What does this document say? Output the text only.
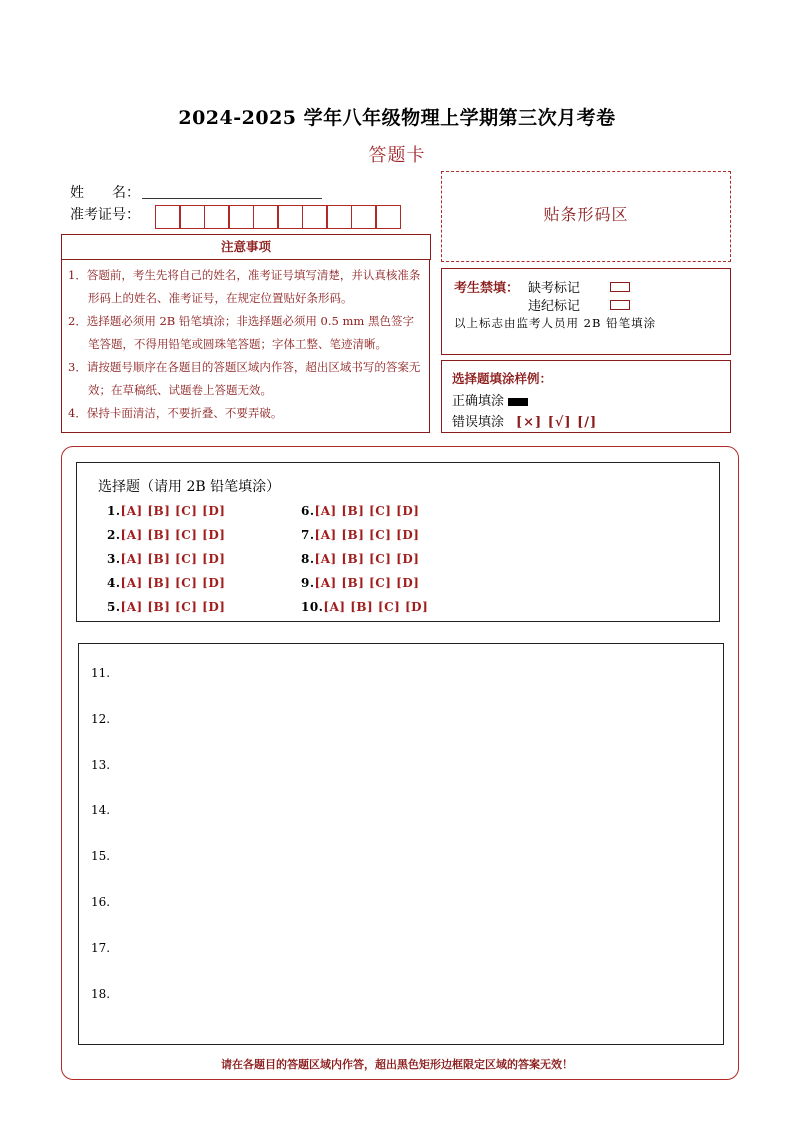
2024-2025 学年八年级物理上学期第三次月考卷
答题卡
姓　　名：
准考证号：
注意事项
1．答题前，考生先将自己的姓名，准考证号填写清楚，并认真核准条形码上的姓名、准考证号，在规定位置贴好条形码。
2．选择题必须用 2B 铅笔填涂；非选择题必须用 0.5 mm 黑色签字笔答题，不得用铅笔或圆珠笔答题；字体工整、笔迹清晰。
3．请按题号顺序在各题目的答题区域内作答，超出区域书写的答案无效；在草稿纸、试题卷上答题无效。
4．保持卡面清洁，不要折叠、不要弄破。
贴条形码区
考生禁填： 缺考标记
违纪标记
以上标志由监考人员用 2B 铅笔填涂
选择题填涂样例：
正确填涂
错误填涂 [×] [√] [/]
选择题（请用 2B 铅笔填涂）
1.[A] [B] [C] [D]	6.[A] [B] [C] [D]
2.[A] [B] [C] [D]	7.[A] [B] [C] [D]
3.[A] [B] [C] [D]	8.[A] [B] [C] [D]
4.[A] [B] [C] [D]	9.[A] [B] [C] [D]
5.[A] [B] [C] [D]	10.[A] [B] [C] [D]
11.
12.
13.
14.
15.
16.
17.
18.
请在各题目的答题区域内作答，超出黑色矩形边框限定区域的答案无效！
